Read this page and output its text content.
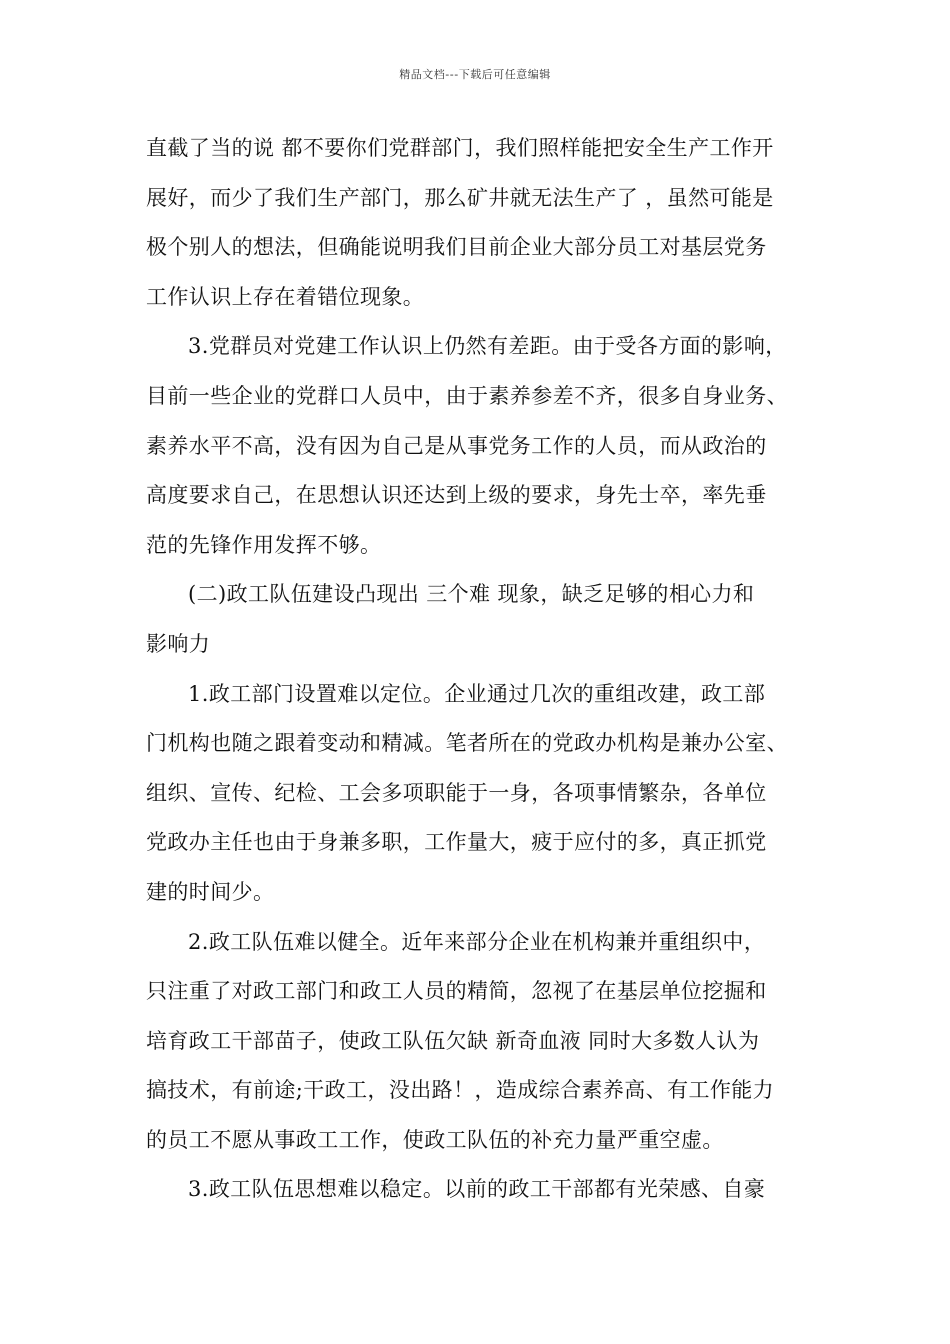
精品文档---下载后可任意编辑
直截了当的说 都不要你们党群部门，我们照样能把安全生产工作开
展好，而少了我们生产部门，那么矿井就无法生产了 ，虽然可能是
极个别人的想法，但确能说明我们目前企业大部分员工对基层党务
工作认识上存在着错位现象。
3.党群员对党建工作认识上仍然有差距。由于受各方面的影响，
目前一些企业的党群口人员中，由于素养参差不齐，很多自身业务、
素养水平不高，没有因为自己是从事党务工作的人员，而从政治的
高度要求自己，在思想认识还达到上级的要求，身先士卒，率先垂
范的先锋作用发挥不够。
(二)政工队伍建设凸现出 三个难 现象，缺乏足够的相心力和
影响力
1.政工部门设置难以定位。企业通过几次的重组改建，政工部
门机构也随之跟着变动和精减。笔者所在的党政办机构是兼办公室、
组织、宣传、纪检、工会多项职能于一身，各项事情繁杂，各单位
党政办主任也由于身兼多职，工作量大，疲于应付的多，真正抓党
建的时间少。
2.政工队伍难以健全。近年来部分企业在机构兼并重组织中，
只注重了对政工部门和政工人员的精简，忽视了在基层单位挖掘和
培育政工干部苗子，使政工队伍欠缺 新奇血液 同时大多数人认为
搞技术，有前途;干政工，没出路！，造成综合素养高、有工作能力
的员工不愿从事政工工作，使政工队伍的补充力量严重空虚。
3.政工队伍思想难以稳定。以前的政工干部都有光荣感、自豪
